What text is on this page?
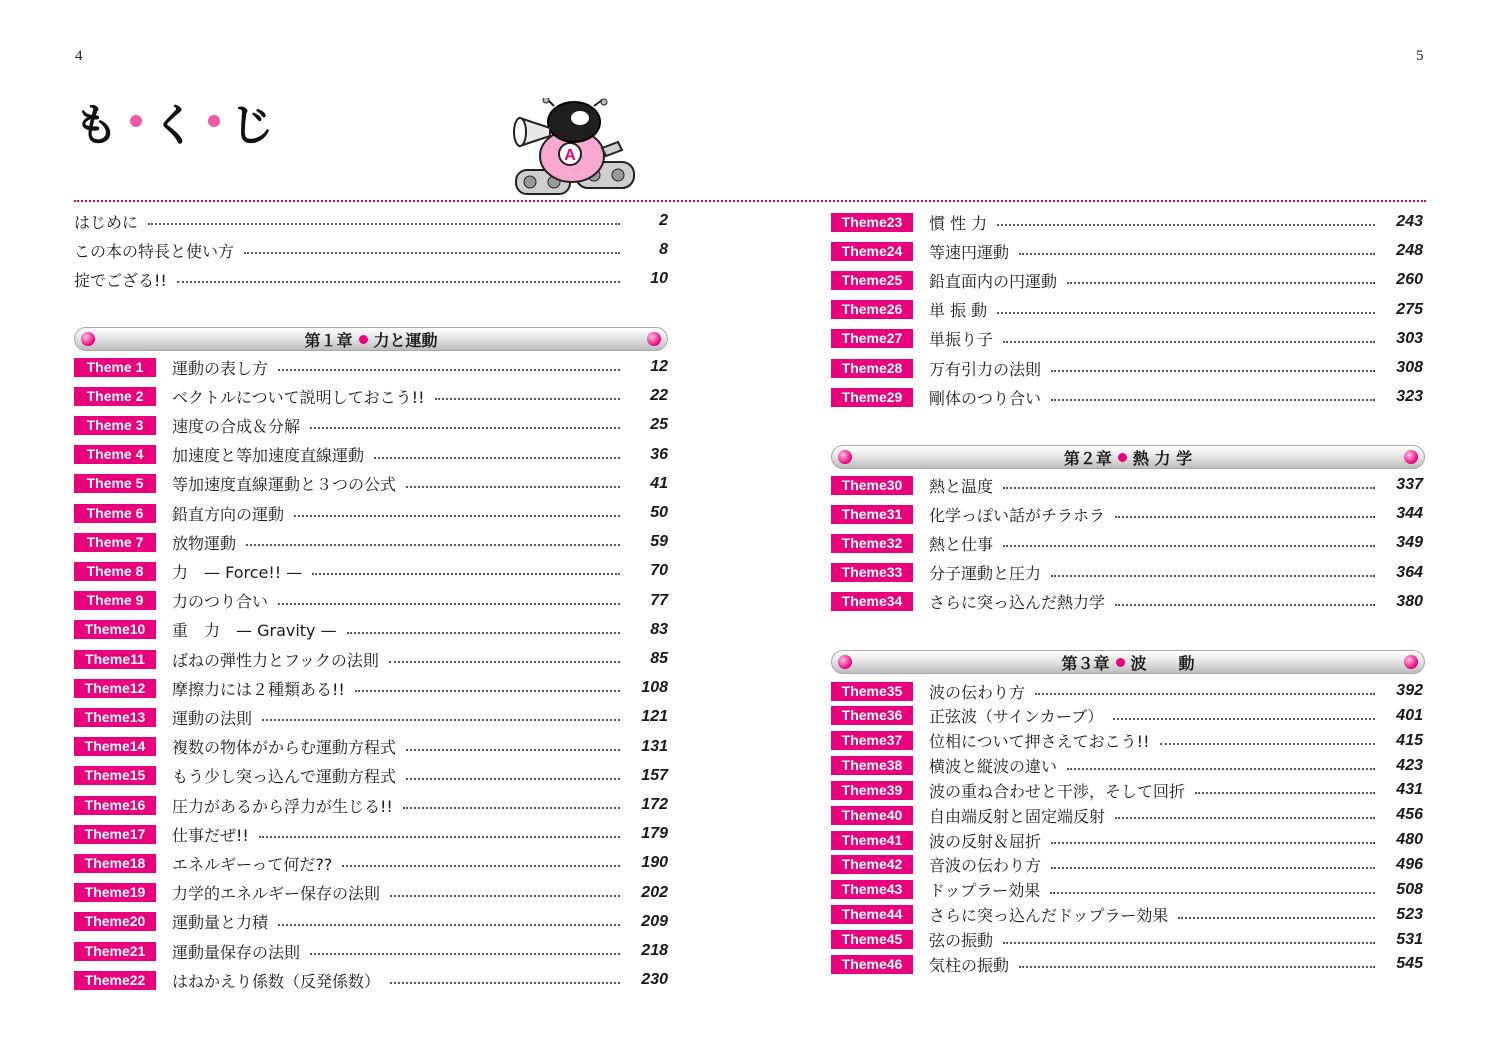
4	5
も く じ
A
はじめに	2
この本の特長と使い方	8
掟でござる!!	10
第１章 力と運動
Theme 1	運動の表し方	12
Theme 2	ベクトルについて説明しておこう!!	22
Theme 3	速度の合成＆分解	25
Theme 4	加速度と等加速度直線運動	36
Theme 5	等加速度直線運動と３つの公式	41
Theme 6	鉛直方向の運動	50
Theme 7	放物運動	59
Theme 8	力　— Force!! —	70
Theme 9	力のつり合い	77
Theme10	重　力　— Gravity —	83
Theme11	ばねの弾性力とフックの法則	85
Theme12	摩擦力には２種類ある!!	108
Theme13	運動の法則	121
Theme14	複数の物体がからむ運動方程式	131
Theme15	もう少し突っ込んで運動方程式	157
Theme16	圧力があるから浮力が生じる!!	172
Theme17	仕事だぜ!!	179
Theme18	エネルギーって何だ??	190
Theme19	力学的エネルギー保存の法則	202
Theme20	運動量と力積	209
Theme21	運動量保存の法則	218
Theme22	はねかえり係数（反発係数）	230
Theme23	慣 性 力	243
Theme24	等速円運動	248
Theme25	鉛直面内の円運動	260
Theme26	単 振 動	275
Theme27	単振り子	303
Theme28	万有引力の法則	308
Theme29	剛体のつり合い	323
第２章 熱 力 学
Theme30	熱と温度	337
Theme31	化学っぽい話がチラホラ	344
Theme32	熱と仕事	349
Theme33	分子運動と圧力	364
Theme34	さらに突っ込んだ熱力学	380
第３章 波　　動
Theme35	波の伝わり方	392
Theme36	正弦波（サインカーブ）	401
Theme37	位相について押さえておこう!!	415
Theme38	横波と縦波の違い	423
Theme39	波の重ね合わせと干渉，そして回折	431
Theme40	自由端反射と固定端反射	456
Theme41	波の反射＆屈折	480
Theme42	音波の伝わり方	496
Theme43	ドップラー効果	508
Theme44	さらに突っ込んだドップラー効果	523
Theme45	弦の振動	531
Theme46	気柱の振動	545
